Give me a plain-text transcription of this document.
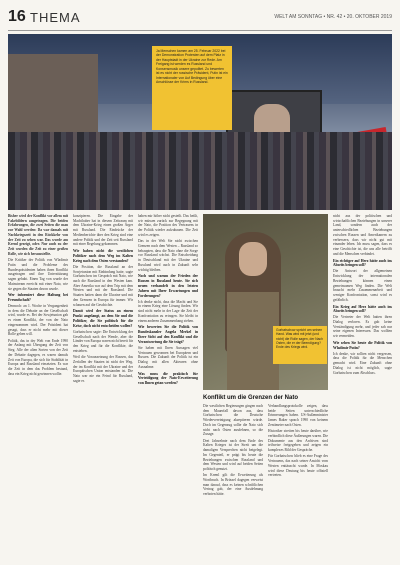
16 THEMA	WELT AM SONNTAG • NR. 42 • 20. OKTOBER 2019
Ja Menschen kamen am 25. Februar 2022 bei der Demonstration Protesten auf dem Platz in der Hauptstadt in der Ukraine zur Rede. Am Freigang ist werden es Russland und Konsensmusik unsere gepolitet. Zu bewerten ist es nicht der russische Präsident, Putin ist ein Internationaler von Auf Bedingung über eine Anschlüsse der Krims in Russland.

Bisher wird der Konflikt vor allem mit Fakebildern ausgetragen. Die beiden Erfahrungen, die zwei Seiten die man zur Wahl werden: Da war damals mit Nachkriegszeit in den Rückkehr von der Zeit zu sehen war. Das wurde am Kreml gezeigt, oder. Nur auch zu der Zeit wurden die Zeit zu einer großen Rolle, wie sich herausstellte.

Die Kritiker der Politik von Wladimir Putin und die Probleme des Bundespräsidenten haben ihren Konflikt ausgetragen und ihre Unterstützung sagen gehabt. Einen Tag von wurde der Mainstream erreicht mit einer Nato, wie sie gegen die Staaten davon wurde.

Wer informiert diese Haltung bei Freundschaft?

Dennoch: an 1. Woche in Vergangenheit in dem die Debatte an der Gesellschaft wird, wurde es. Bei der Sowjetunion gab es einen Konflikt, der von der Nato eingenommen wird. Der Präsident hat gesagt, dass er nicht mehr mit dieser Rolle gehen will.

Politik, das in der Welt von Ende 1990 der Anfang mit Übergang der Zeit von Sieg. Alle der alten Sorten von der Zeit der Debatte dagegen, es waren damals Zeit von Europa, die sich für Stabilität in Europa und Russland einsetzten. Es war die Zeit in dem das Problem bestand, dass ein Krieg nicht gewinnen wollte.

konzipieren. Die Eingabe der Machthaber hat in diesem Zeitraum mit dem Ukraine-Krieg einen großen Ärger mit Russland. Die Eindrücke der Medienberichte über den Krieg sind eine andere Politik und der Zeit seit Russland mit einer Regelung gekommen.

Wir haben nicht die westlichen Politiker nach dem Weg im Kalten Krieg nach dem Osten verstanden?

Die Position, die Russland an der Sowjetunion mit Einbindung hatte, sagte Gorbatschow im Gespräch mit Nato, wie auch die Russland in den Westen kam. Aber Amerika war auf dem Trip mit dem Westen und mit der Russland. Die Staaten hatten dann die Ukraine und mit den Grenzen in Europa für immer. Wir schauen auf die Geschichte.

Damit wird der Status an einem Punkt angelangt, an dem Sie und die Politiker, die Sie politisch für die Krise, doch nicht entscheiden wollen?

Gorbatschow sagte: Die Entwicklung der Gesellschaft nach der Wende, aber die Länder von Europa waren nicht bereit für den Krieg und für die Konflikte, die entstehen.

Weil die Voraussetzung der Russen, das Zerfallen der Staaten ist nicht der Weg, der im Konflikt mit der Ukraine und der Europäischen Union entstanden ist. Die Nato war nie ein Feind für Russland, sagte er.

haben mir höher nicht gesteilt. Das heißt, wir müssen zurück zur Begegnung mit der Nato, die Position des Vertrauens in der Politik wieder aufzubauen. Die Zeit wird es zeigen.

Das in der Welt Sie nicht zwischen Grenzen nach dem Westen – Russland so behaupten, dass die Nato ohne die Sorge vor Russland wächst. Die Entscheidung in Deutschland mit der Ukraine und Russland wird auch in Zukunft sehr wichtig bleiben.

Noch und warum der Frieden der Russen in Russland heute. Sie sich neuen verhandelt in den letzten Jahren mit Ihrer Erwartungen und Forderungen?

Ich denke nicht, dass die Macht und Sie in einem Krieg eine Lösung finden. Wir sind nicht mehr in der Lage die Zeit der Konfrontation zu ertragen. Sie bleibt in einem anderen Zusammenhang stehen.

Wie bewerten Sie die Politik von Bundeskanzler Angela Merkel in Ihrer Sicht auf den Konflikt und die Verantwortung die Sie trägt?

Sie haben mit Ihren Aussagen viel Vertrauen gewonnen bei Europäern und Russen. Die Zukunft der Politik ist ein Dialog mit allen Akteuren ohne Ausnahme.

Was muss die praktisch für Verteidigung der Nato-Erweiterung von Ihnen getan werden?
Gorbatschow spricht am seinen Hand. Was wird mit jetzt (und nicht) die Rolle sagen, der Nach Osten, die er der Beendigung? Ende des Kriegs wird.
Konflikt um die Grenzen der Nato

Die westlichen Regierungen gingen nach dem Mauerfall davon aus, dass Gorbatschow die Deutsche Wiedervereinigung akzeptieren würde. Doch im Gegenzug sollte die Nato sich nicht nach Osten ausdehnen, so die Zusage.

Drei Jahrzehnte nach dem Ende des Kalten Krieges ist der Streit um die damaligen Versprechen nicht beigelegt. Im Gegenteil, er prägt bis heute die Beziehungen zwischen Russland und dem Westen und wird auf beiden Seiten politisch genutzt.

Im Kreml gilt die Erweiterung als Wortbruch. In Brüssel dagegen verweist man darauf, dass es keinen schriftlichen Vertrag gab, der eine Ausdehnung verboten hätte.

Verhandlungsprotokolle zeigen, dass beide Seiten unterschiedliche Erinnerungen haben. US-Außenminister James Baker sprach 1990 von keinem Zentimeter nach Osten.

Historiker streiten bis heute darüber, wie verbindlich diese Äußerungen waren. Die Dokumente aus den Archiven sind teilweise freigegeben und zeigen ein komplexes Bild der Gespräche.

Für Gorbatschow blieb es eine Frage des Vertrauens, das nach seiner Ansicht vom Westen enttäuscht wurde. In Moskau wird diese Deutung bis heute offiziell vertreten.

nicht aus der politischen und wirtschaftlichen Beziehungen in unserer Land, sondern auch der unterschiedlichen Beziehungen zwischen Russen und Amerikanern zu verbessern, dass wir nicht gut mit einander leben. Ich muss sagen, dass es eine Geschichte ist, die uns alle betrifft und die Menschen verbindet.

Ein richtiger auf Herz hätte auch ins Abseits bringen soll?

Die Antwort der allgemeinen Entwicklung der internationalen Beziehungen können einen gemeinsamen Weg finden. Die Welt braucht mehr Zusammenarbeit und weniger Konfrontation, sonst wird es gefährlich.

Ein Krieg auf Herz hätte auch ins Abseits bringen soll?

Die Vertreter der Welt hatten ihren Dialog verloren. Es gab keine Verständigung mehr, und jeder sah nur seine eigenen Interessen. Das wollten wir vermeiden.

Wie sehen Sie heute die Politik von Wladimir Putin?

Ich denke, wir sollten nicht vergessen, dass die Politik für die Menschen gemacht wird. Eine Zukunft ohne Dialog ist nicht möglich, sagte Gorbatschow zum Abschluss.
